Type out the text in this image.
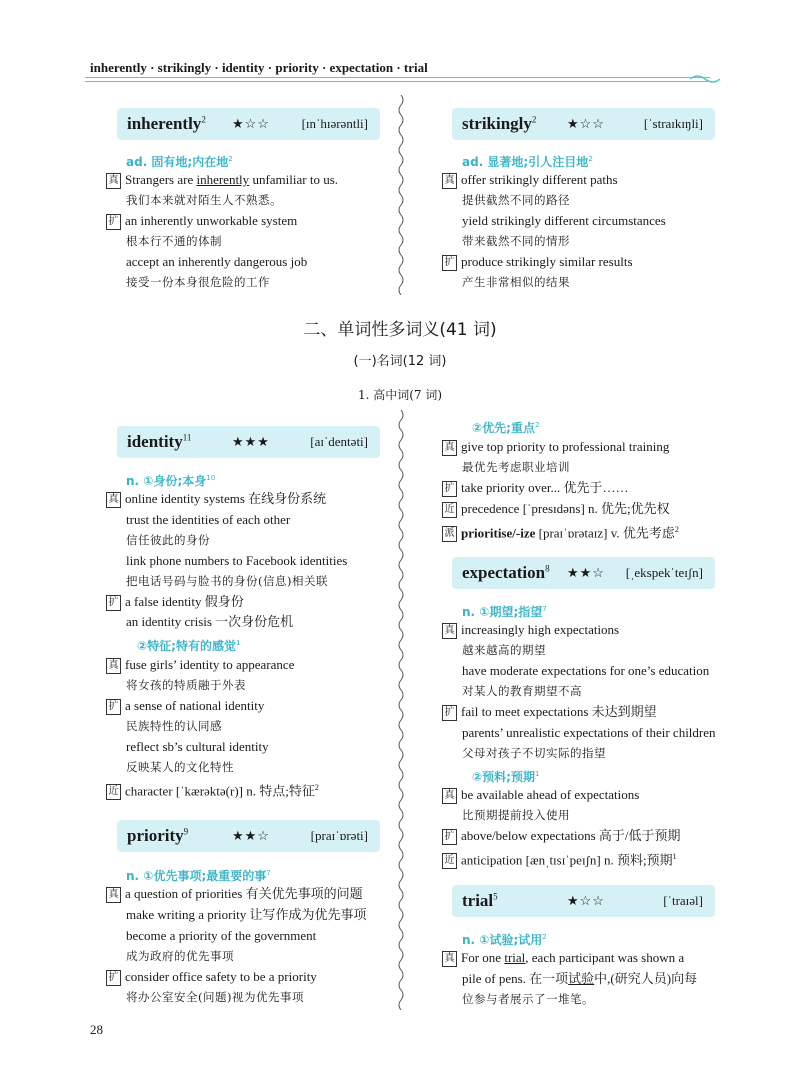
inherently · strikingly · identity · priority · expectation · trial
inherently$^2$ ★☆☆ [ɪnˈhɪərəntli]
ad. 固有地;内在地$^2$
真 Strangers are inherently unfamiliar to us.
我们本来就对陌生人不熟悉。
扩 an inherently unworkable system
根本行不通的体制
accept an inherently dangerous job
接受一份本身很危险的工作
strikingly$^2$ ★☆☆	[ˈstraɪkɪŋli]
ad. 显著地;引人注目地$^2$
真 offer strikingly different paths
提供截然不同的路径
yield strikingly different circumstances
带来截然不同的情形
扩 produce strikingly similar results
产生非常相似的结果
二、单词性多词义(41 词)
(一)名词(12 词)
1. 高中词(7 词)
identity$^{11}$	★★★	[aɪˈdentəti]
n. ①身份;本身$^{10}$
真 online identity systems 在线身份系统
trust the identities of each other
信任彼此的身份
link phone numbers to Facebook identities
把电话号码与脸书的身份(信息)相关联
扩 a false identity 假身份
an identity crisis 一次身份危机
②特征;特有的感觉$^1$
真 fuse girls’ identity to appearance
将女孩的特质融于外表
扩 a sense of national identity
民族特性的认同感
reflect sb’s cultural identity
反映某人的文化特性
近 character [ˈkærəktə(r)] n. 特点;特征$^2$
priority$^9$	★★☆	[praɪˈɒrəti]
n. ①优先事项;最重要的事$^7$
真 a question of priorities 有关优先事项的问题
make writing a priority 让写作成为优先事项
become a priority of the government
成为政府的优先事项
扩 consider office safety to be a priority
将办公室安全(问题)视为优先事项
②优先;重点$^2$
真 give top priority to professional training
最优先考虑职业培训
扩 take priority over... 优先于……
近 precedence [ˈpresɪdəns] n. 优先;优先权
派 prioritise/-ize [praɪˈɒrətaɪz] v. 优先考虑$^2$
expectation$^8$ ★★☆ [ˌekspekˈteɪʃn]
n. ①期望;指望$^7$
真 increasingly high expectations
越来越高的期望
have moderate expectations for one’s education
对某人的教育期望不高
扩 fail to meet expectations 未达到期望
parents’ unrealistic expectations of their children
父母对孩子不切实际的指望
②预料;预期$^1$
真 be available ahead of expectations
比预期提前投入使用
扩 above/below expectations 高于/低于预期
近 anticipation [ænˌtɪsɪˈpeɪʃn] n. 预料;预期$^1$
trial$^5$	★☆☆	[ˈtraɪəl]
n. ①试验;试用$^2$
真 For one trial, each participant was shown a
pile of pens. 在一项试验中,(研究人员)向每
位参与者展示了一堆笔。
28
